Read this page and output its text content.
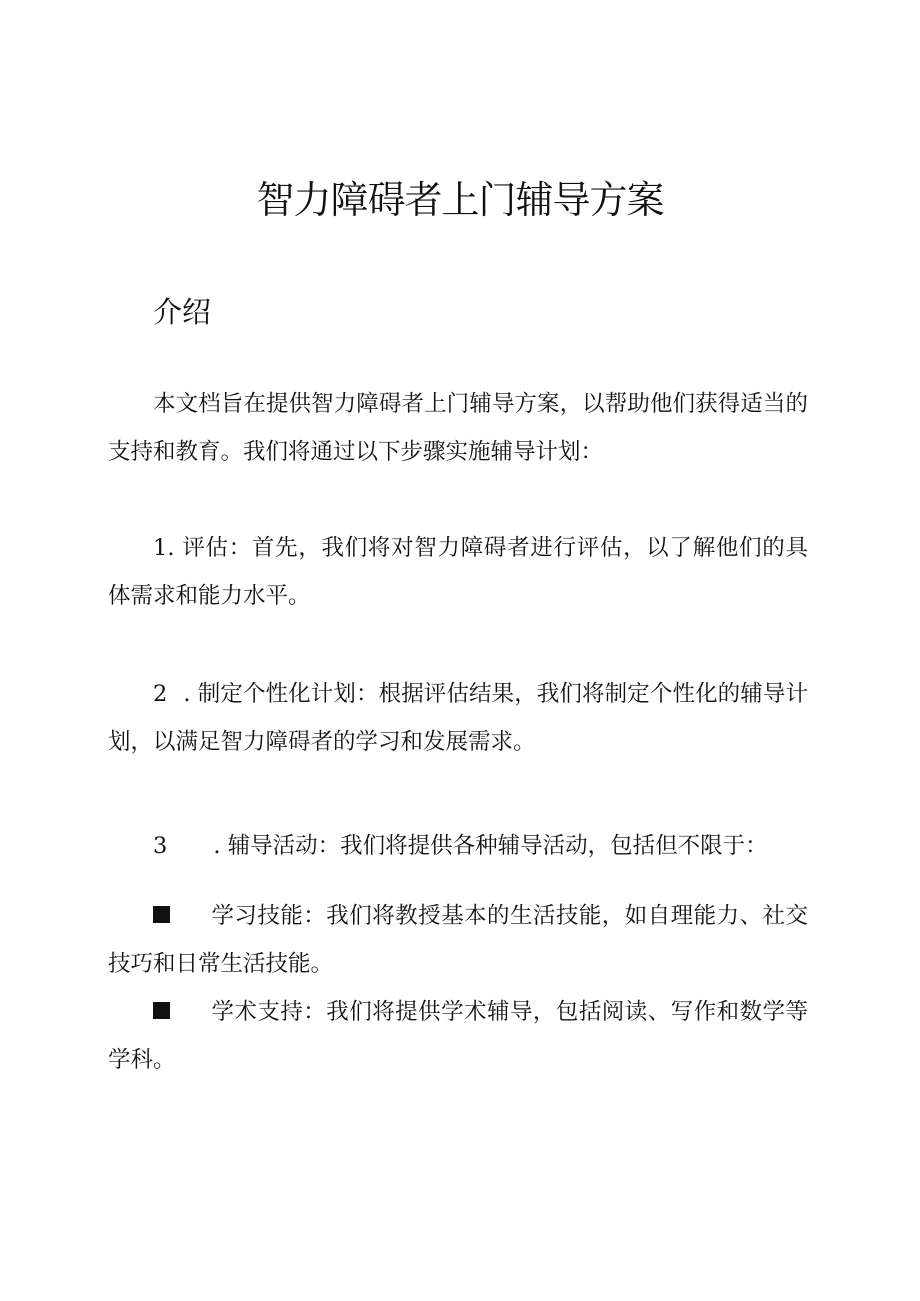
智力障碍者上门辅导方案
介绍

本文档旨在提供智力障碍者上门辅导方案，以帮助他们获得适当的支持和教育。我们将通过以下步骤实施辅导计划：

1. 评估：首先，我们将对智力障碍者进行评估，以了解他们的具体需求和能力水平。

2 . 制定个性化计划：根据评估结果，我们将制定个性化的辅导计划，以满足智力障碍者的学习和发展需求。

3 . 辅导活动：我们将提供各种辅导活动，包括但不限于：

学习技能：我们将教授基本的生活技能，如自理能力、社交技巧和日常生活技能。

学术支持：我们将提供学术辅导，包括阅读、写作和数学等学科。
